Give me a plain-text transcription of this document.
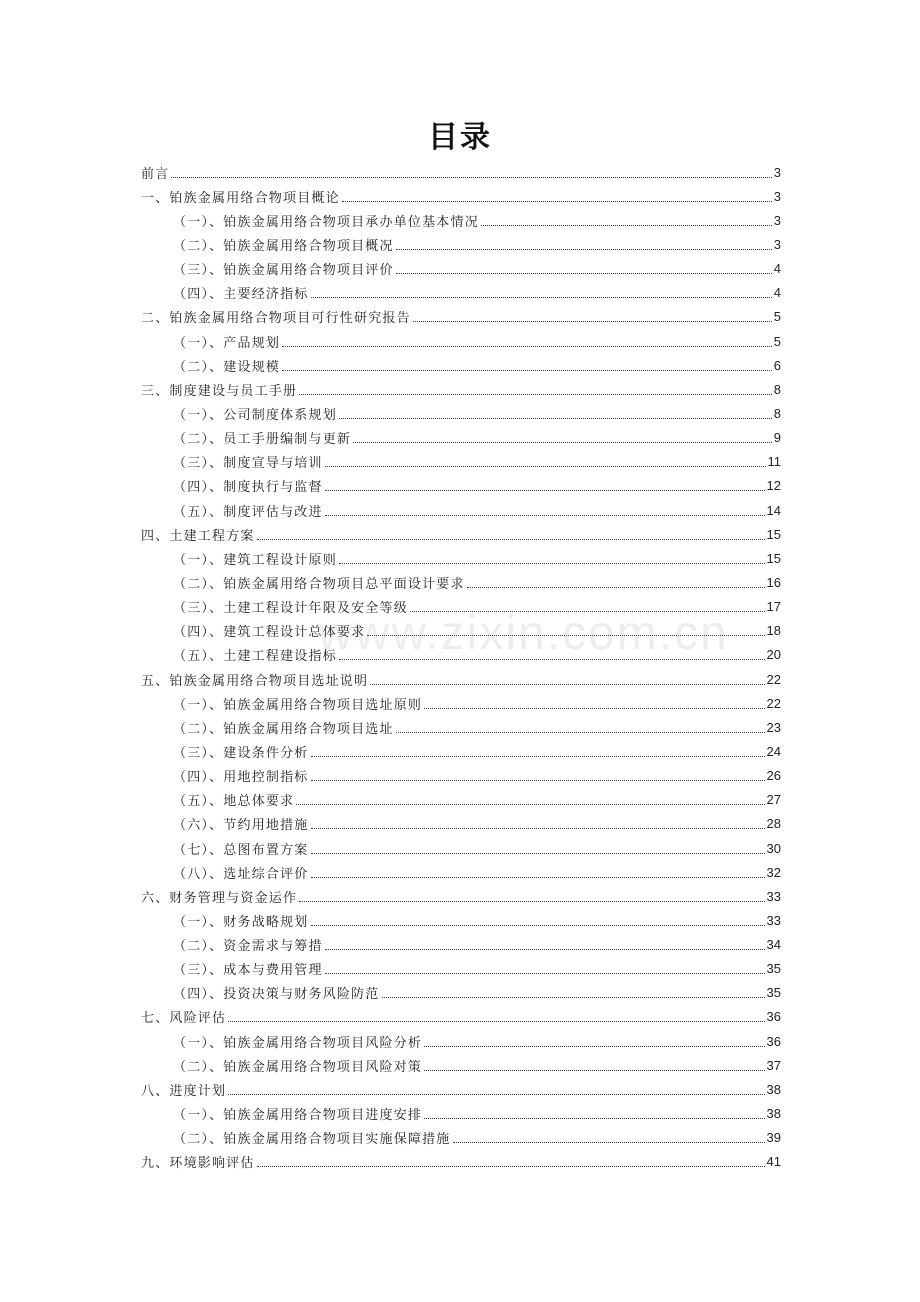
目录
前言	3
一、铂族金属用络合物项目概论	3
（一）、铂族金属用络合物项目承办单位基本情况	3
（二）、铂族金属用络合物项目概况	3
（三）、铂族金属用络合物项目评价	4
（四）、主要经济指标	4
二、铂族金属用络合物项目可行性研究报告	5
（一）、产品规划	5
（二）、建设规模	6
三、制度建设与员工手册	8
（一）、公司制度体系规划	8
（二）、员工手册编制与更新	9
（三）、制度宣导与培训	11
（四）、制度执行与监督	12
（五）、制度评估与改进	14
四、土建工程方案	15
（一）、建筑工程设计原则	15
（二）、铂族金属用络合物项目总平面设计要求	16
（三）、土建工程设计年限及安全等级	17
（四）、建筑工程设计总体要求	18
（五）、土建工程建设指标	20
五、铂族金属用络合物项目选址说明	22
（一）、铂族金属用络合物项目选址原则	22
（二）、铂族金属用络合物项目选址	23
（三）、建设条件分析	24
（四）、用地控制指标	26
（五）、地总体要求	27
（六）、节约用地措施	28
（七）、总图布置方案	30
（八）、选址综合评价	32
六、财务管理与资金运作	33
（一）、财务战略规划	33
（二）、资金需求与筹措	34
（三）、成本与费用管理	35
（四）、投资决策与财务风险防范	35
七、风险评估	36
（一）、铂族金属用络合物项目风险分析	36
（二）、铂族金属用络合物项目风险对策	37
八、进度计划	38
（一）、铂族金属用络合物项目进度安排	38
（二）、铂族金属用络合物项目实施保障措施	39
九、环境影响评估	41
www.zixin.com.cn
